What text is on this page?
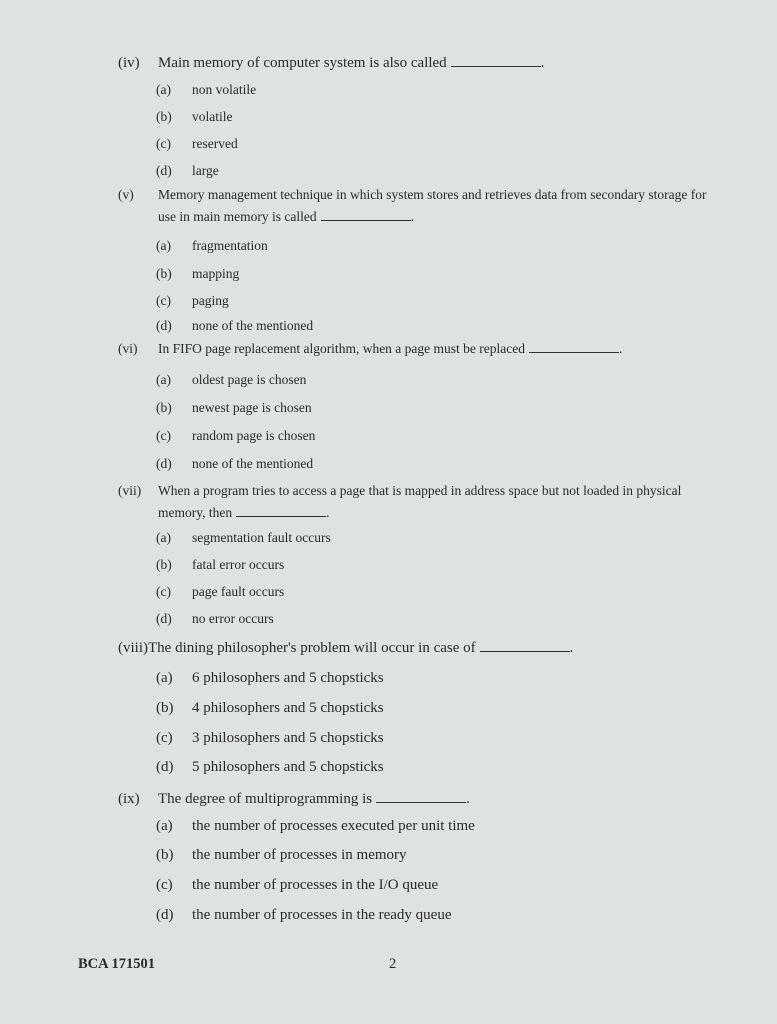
(iv) Main memory of computer system is also called	.
(a) non volatile
(b) volatile
(c) reserved
(d) large
(v) Memory management technique in which system stores and retrieves data from secondary storage for use in main memory is called	.
(a) fragmentation
(b) mapping
(c) paging
(d) none of the mentioned
(vi) In FIFO page replacement algorithm, when a page must be replaced	.
(a) oldest page is chosen
(b) newest page is chosen
(c) random page is chosen
(d) none of the mentioned
(vii) When a program tries to access a page that is mapped in address space but not loaded in physical memory, then	.
(a) segmentation fault occurs
(b) fatal error occurs
(c) page fault occurs
(d) no error occurs
(viii)The dining philosopher's problem will occur in case of	.
(a) 6 philosophers and 5 chopsticks
(b) 4 philosophers and 5 chopsticks
(c) 3 philosophers and 5 chopsticks
(d) 5 philosophers and 5 chopsticks
(ix) The degree of multiprogramming is	.
(a) the number of processes executed per unit time
(b) the number of processes in memory
(c) the number of processes in the I/O queue
(d) the number of processes in the ready queue
BCA 171501	2
